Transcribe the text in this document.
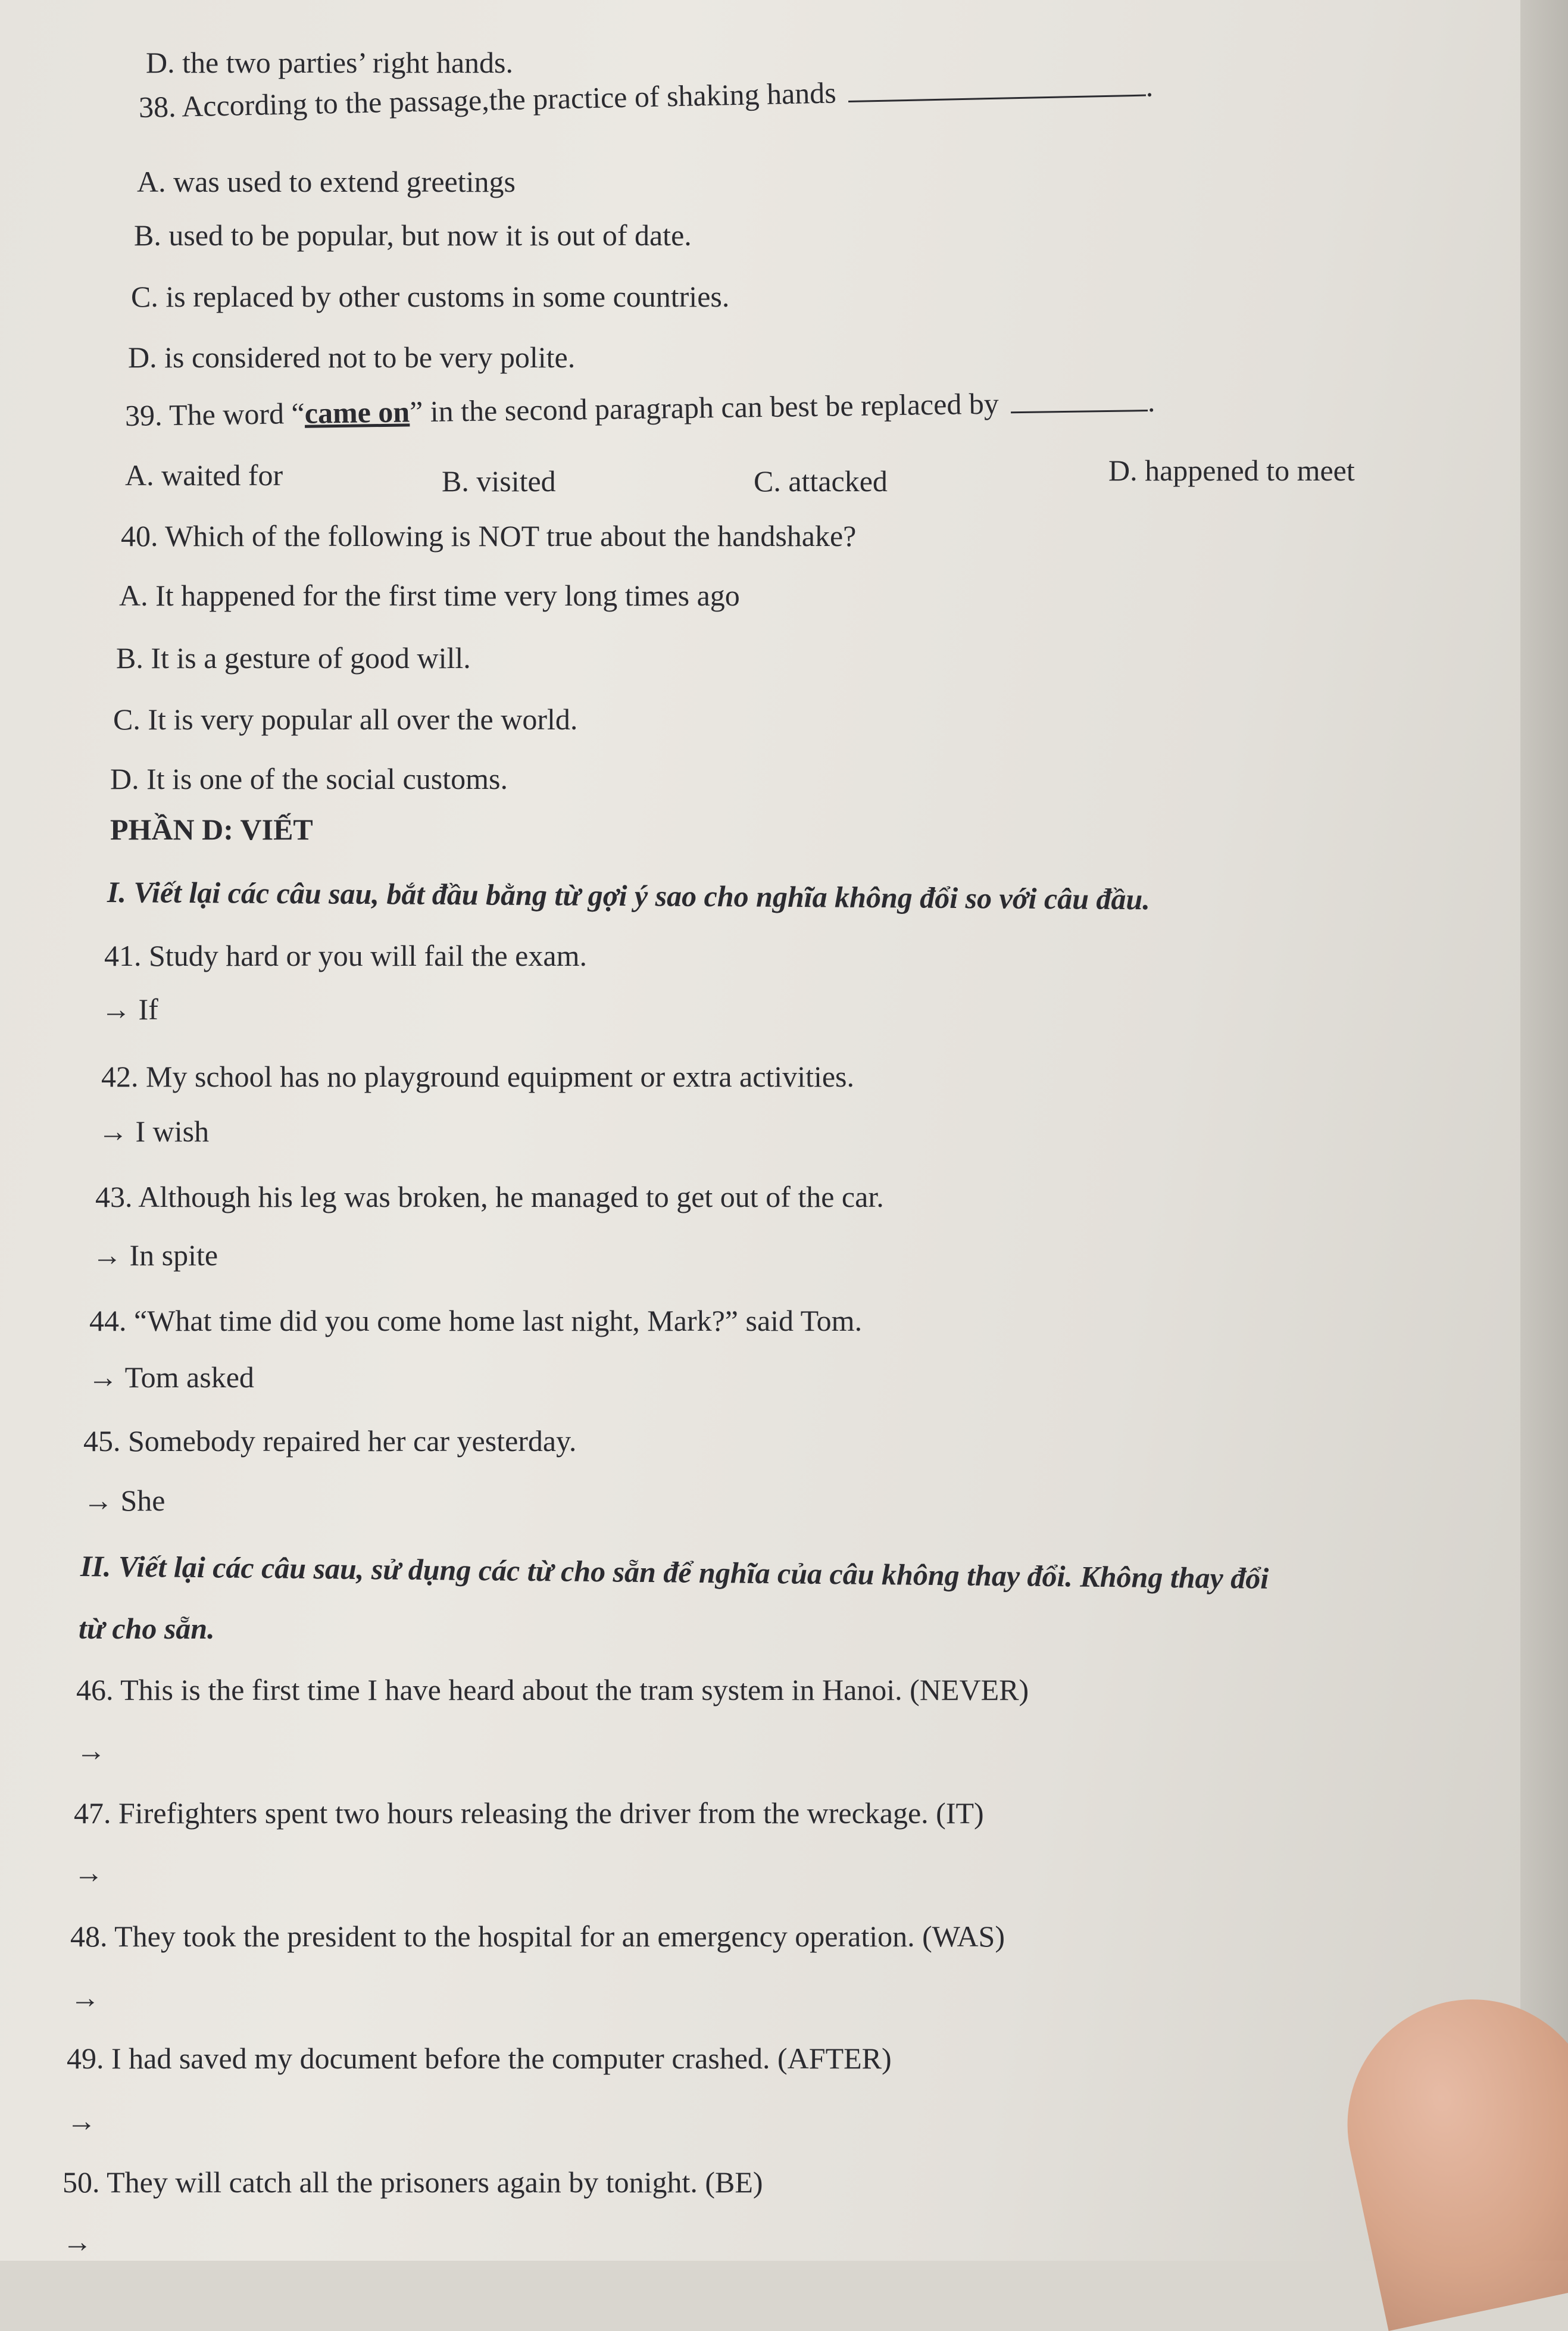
D. the two parties’ right hands.
38. According to the passage,the practice of shaking hands	.
A. was used to extend greetings
B. used to be popular, but now it is out of date.
C. is replaced by other customs in some countries.
D. is considered not to be very polite.
39. The word “came on” in the second paragraph can best be replaced by	.
A. waited for	B. visited	C. attacked	D. happened to meet
40. Which of the following is NOT true about the handshake?
A. It happened for the first time very long times ago
B. It is a gesture of good will.
C. It is very popular all over the world.
D. It is one of the social customs.
PHẦN D: VIẾT
I. Viết lại các câu sau, bắt đầu bằng từ gợi ý sao cho nghĩa không đổi so với câu đầu.
41. Study hard or you will fail the exam.
→ If
42. My school has no playground equipment or extra activities.
→ I wish
43. Although his leg was broken, he managed to get out of the car.
→ In spite
44. “What time did you come home last night, Mark?” said Tom.
→ Tom asked
45. Somebody repaired her car yesterday.
→ She
II. Viết lại các câu sau, sử dụng các từ cho sẵn để nghĩa của câu không thay đổi. Không thay đổi
từ cho sẵn.
46. This is the first time I have heard about the tram system in Hanoi. (NEVER)
→
47. Firefighters spent two hours releasing the driver from the wreckage. (IT)
→
48. They took the president to the hospital for an emergency operation. (WAS)
→
49. I had saved my document before the computer crashed. (AFTER)
→
50. They will catch all the prisoners again by tonight. (BE)
→
